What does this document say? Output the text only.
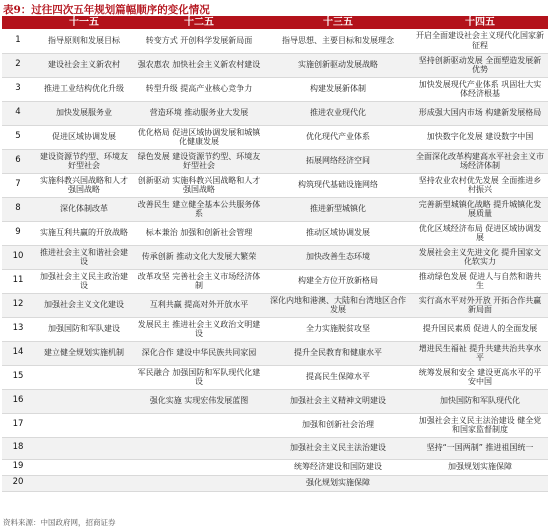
表9：过往四次五年规划篇幅顺序的变化情况
	十一五	十二五	十三五	十四五
1	指导原则和发展目标	转变方式 开创科学发展新局面	指导思想、主要目标和发展理念	开启全面建设社会主义现代化国家新征程
2	建设社会主义新农村	强农惠农 加快社会主义新农村建设	实施创新驱动发展战略	坚持创新驱动发展 全面塑造发展新优势
3	推进工业结构优化升级	转型升级 提高产业核心竞争力	构建发展新体制	加快发展现代产业体系 巩固壮大实体经济根基
4	加快发展服务业	营造环境 推动服务业大发展	推进农业现代化	形成强大国内市场 构建新发展格局
5	促进区域协调发展	优化格局 促进区域协调发展和城镇化健康发展	优化现代产业体系	加快数字化发展 建设数字中国
6	建设资源节约型、环境友好型社会	绿色发展 建设资源节约型、环境友好型社会	拓展网络经济空间	全面深化改革构建高水平社会主义市场经济体制
7	实施科教兴国战略和人才强国战略	创新驱动 实施科教兴国战略和人才强国战略	构筑现代基础设施网络	坚持农业农村优先发展 全面推进乡村振兴
8	深化体制改革	改善民生 建立健全基本公共服务体系	推进新型城镇化	完善新型城镇化战略 提升城镇化发展质量
9	实施互利共赢的开放战略	标本兼治 加强和创新社会管理	推动区域协调发展	优化区域经济布局 促进区域协调发展
10	推进社会主义和谐社会建设	传承创新 推动文化大发展大繁荣	加快改善生态环境	发展社会主义先进文化 提升国家文化软实力
11	加强社会主义民主政治建设	改革攻坚 完善社会主义市场经济体制	构建全方位开放新格局	推动绿色发展 促进人与自然和谐共生
12	加强社会主义文化建设	互利共赢 提高对外开放水平	深化内地和港澳、大陆和台湾地区合作发展	实行高水平对外开放 开拓合作共赢新局面
13	加强国防和军队建设	发展民主 推进社会主义政治文明建设	全力实施脱贫攻坚	提升国民素质 促进人的全面发展
14	建立健全规划实施机制	深化合作 建设中华民族共同家园	提升全民教育和健康水平	增进民生福祉 提升共建共治共享水平
15		军民融合 加强国防和军队现代化建设	提高民生保障水平	统筹发展和安全 建设更高水平的平安中国
16		强化实施 实现宏伟发展蓝图	加强社会主义精神文明建设	加快国防和军队现代化
17			加强和创新社会治理	加强社会主义民主法治建设 健全党和国家监督制度
18			加强社会主义民主法治建设	坚持“一国两制” 推进祖国统一
19			统筹经济建设和国防建设	加强规划实施保障
20			强化规划实施保障	
资料来源：中国政府网，招商证券
